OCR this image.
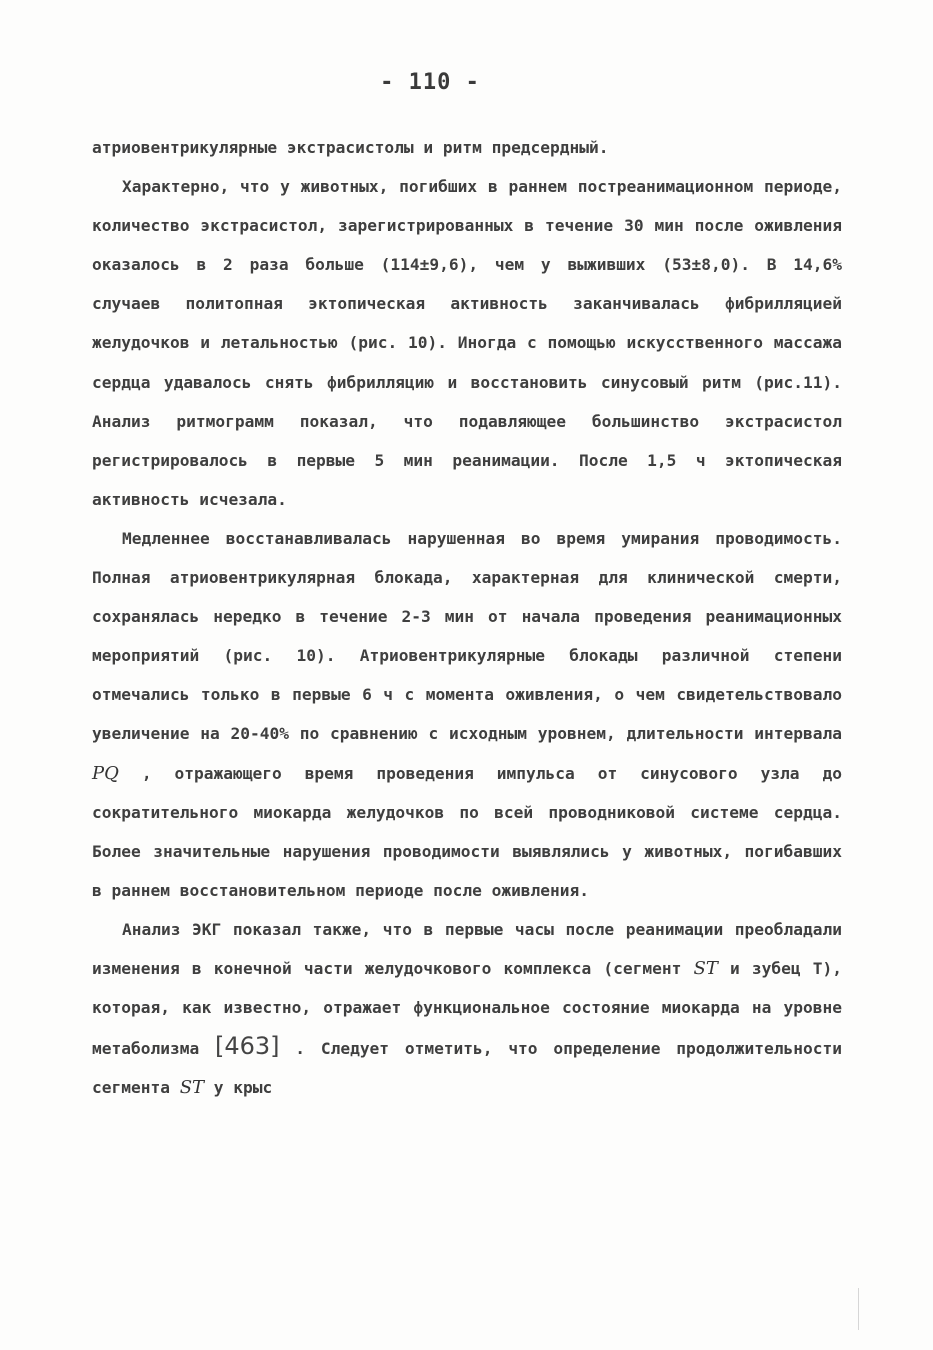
- 110 -

атриовентрикулярные экстрасистолы и ритм предсердный.

Характерно, что у животных, погибших в раннем постреанимационном периоде, количество экстрасистол, зарегистрированных в течение 30 мин после оживления оказалось в 2 раза больше (114±9,6), чем у выживших (53±8,0). В 14,6% случаев политопная эктопическая активность заканчивалась фибрилляцией желудочков и летальностью (рис. 10). Иногда с помощью искусственного массажа сердца удавалось снять фибрилляцию и восстановить синусовый ритм (рис.11). Анализ ритмограмм показал, что подавляющее большинство экстрасистол регистрировалось в первые 5 мин реанимации. После 1,5 ч эктопическая активность исчезала.

Медленнее восстанавливалась нарушенная во время умирания проводимость. Полная атриовентрикулярная блокада, характерная для клинической смерти, сохранялась нередко в течение 2-3 мин от начала проведения реанимационных мероприятий (рис. 10). Атриовентрикулярные блокады различной степени отмечались только в первые 6 ч с момента оживления, о чем свидетельствовало увеличение на 20-40% по сравнению с исходным уровнем, длительности интервала PQ , отражающего время проведения импульса от синусового узла до сократительного миокарда желудочков по всей проводниковой системе сердца. Более значительные нарушения проводимости выявлялись у животных, погибавших в раннем восстановительном периоде после оживления.

Анализ ЭКГ показал также, что в первые часы после реанимации преобладали изменения в конечной части желудочкового комплекса (сегмент ST и зубец Т), которая, как известно, отражает функциональное состояние миокарда на уровне метаболизма [463] . Следует отметить, что определение продолжительности сегмента ST у крыс
